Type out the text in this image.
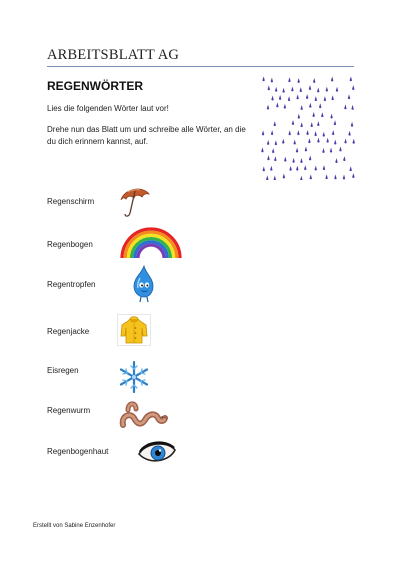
ARBEITSBLATT AG
REGENWÖRTER
Lies die folgenden Wörter laut vor!
Drehe nun das Blatt um und schreibe alle Wörter, an die du dich erinnern kannst, auf.
Regenschirm
Regenbogen
Regentropfen
Regenjacke
Eisregen
Regenwurm
Regenbogenhaut
Erstellt von Sabine Enzenhofer
